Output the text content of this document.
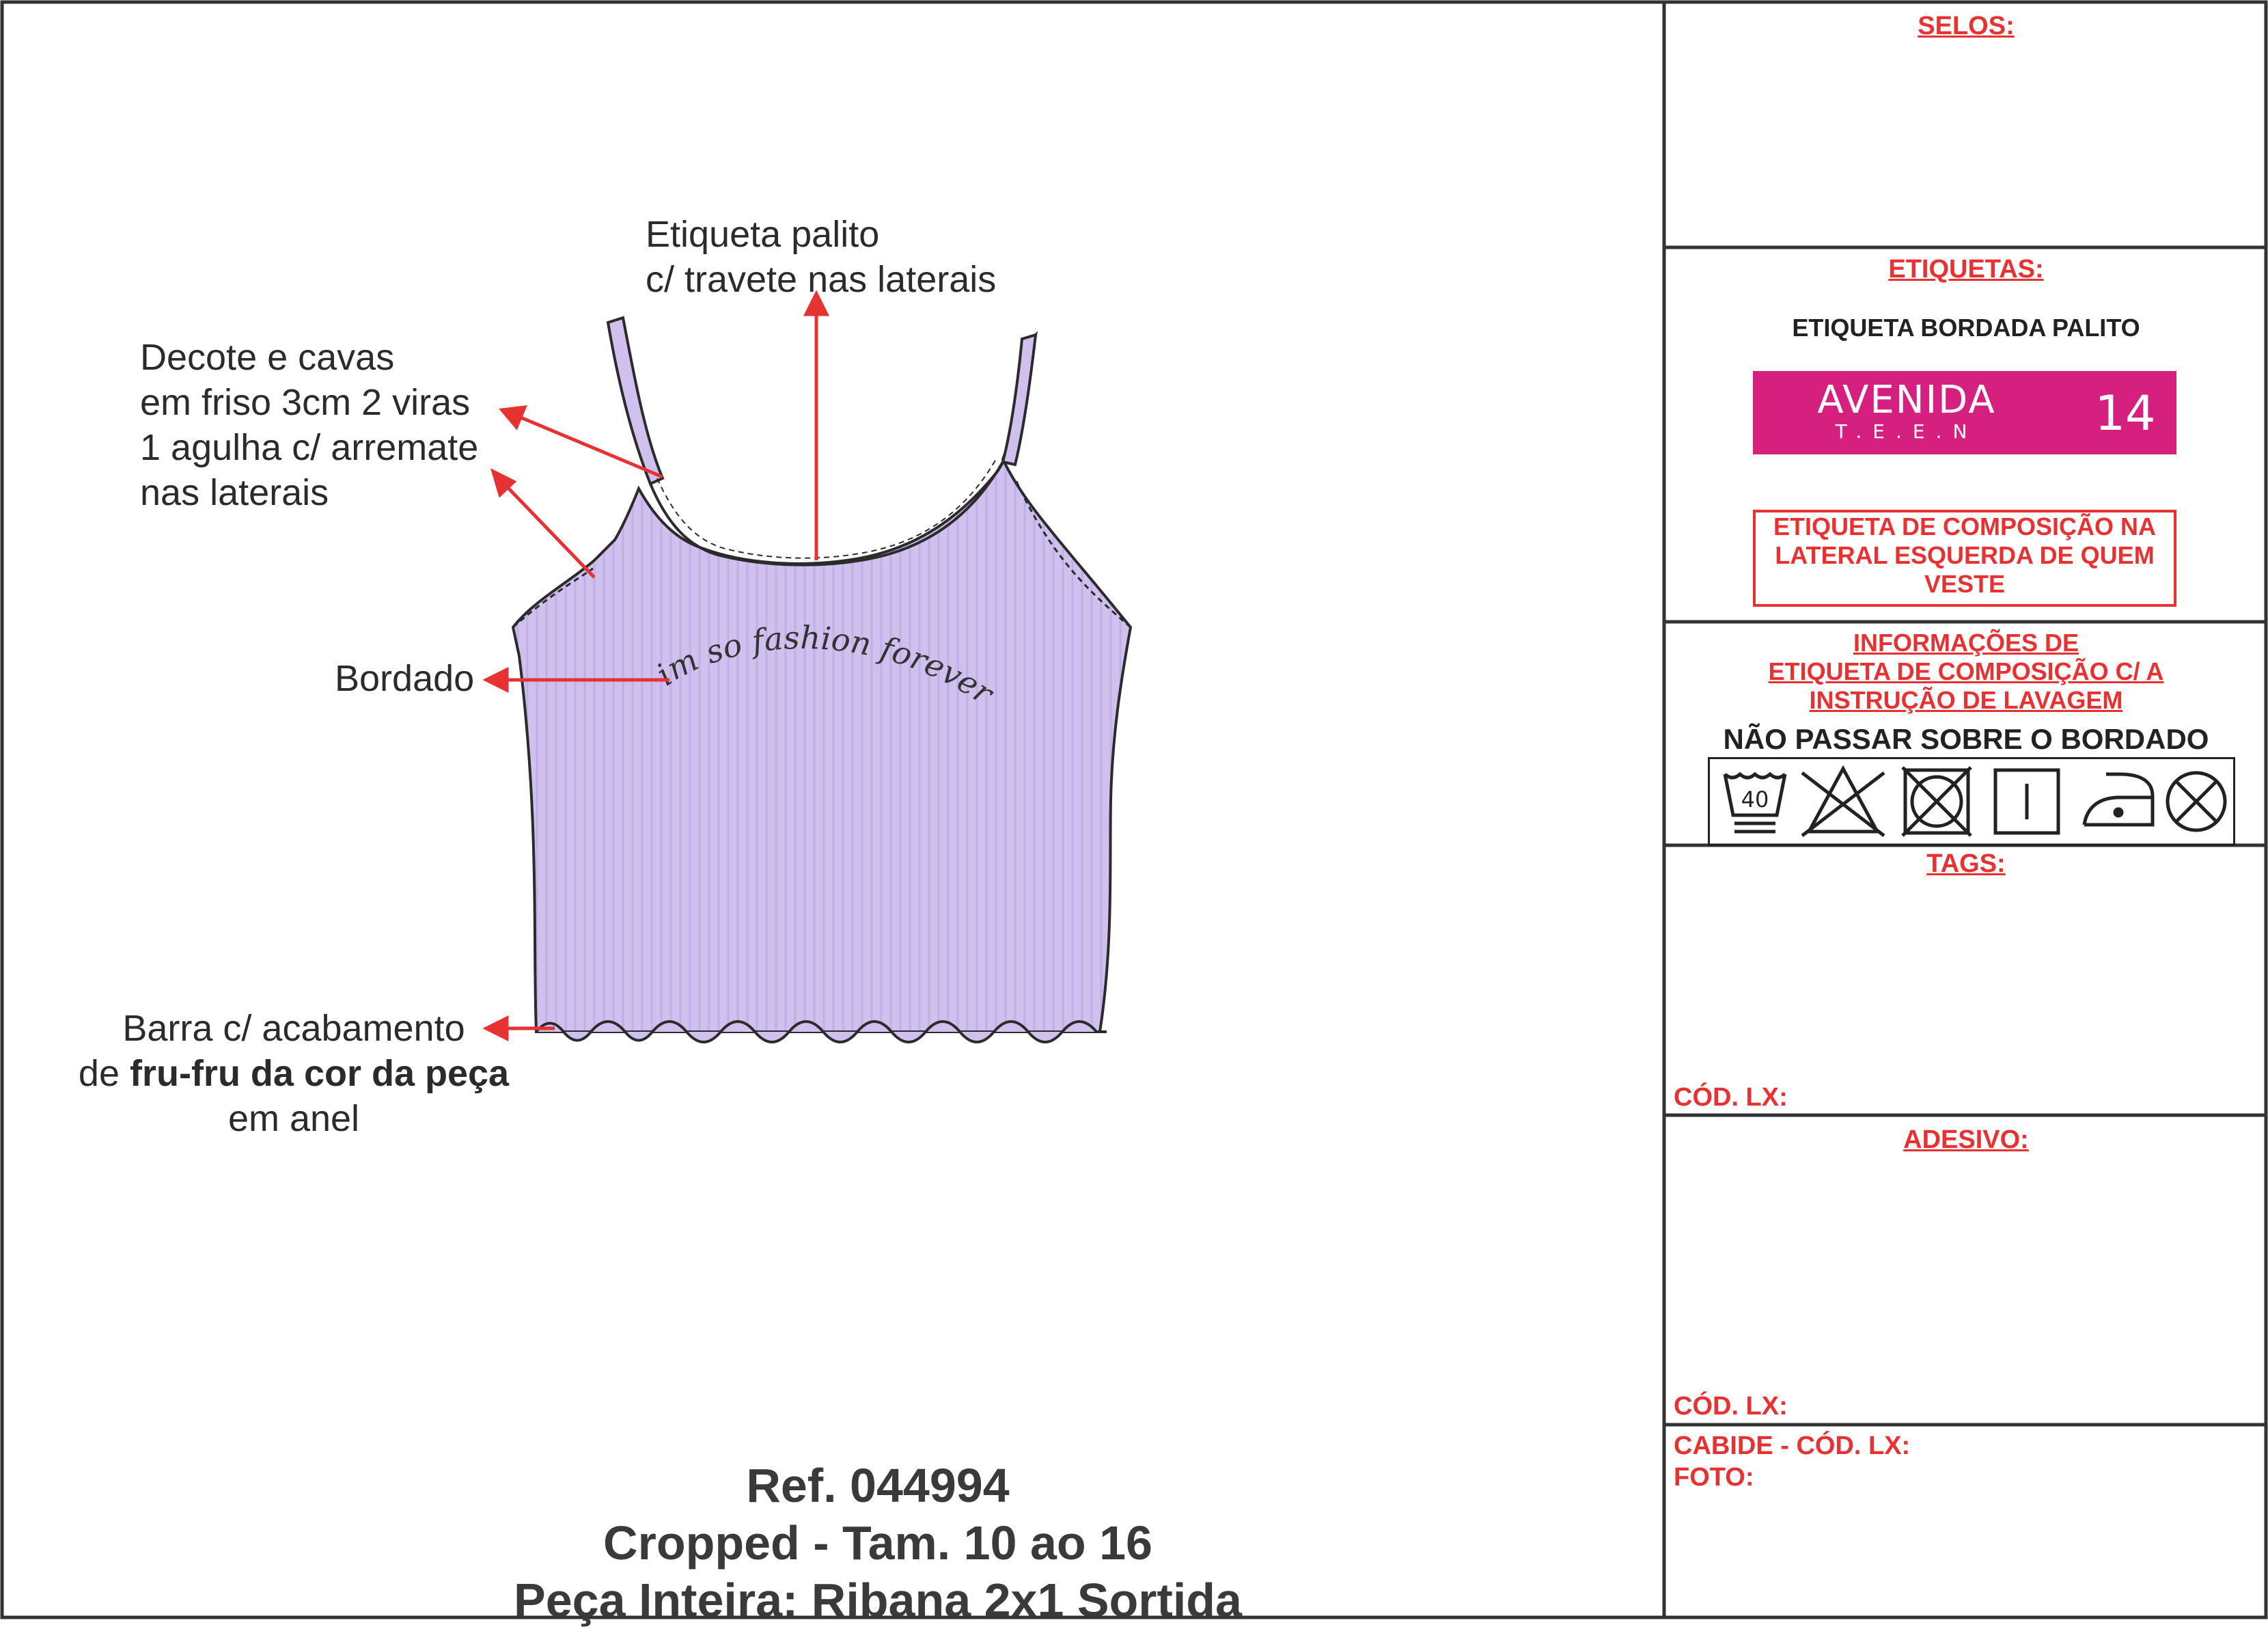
im so fashion forever
Etiqueta palito
c/ travete nas laterais
Decote e cavas
em friso 3cm 2 viras
1 agulha c/ arremate
nas laterais
Bordado
Barra c/ acabamento
de fru-fru da cor da peça
em anel
Ref. 044994
Cropped - Tam. 10 ao 16
Peça Inteira: Ribana 2x1 Sortida
SELOS:
ETIQUETAS:
ETIQUETA BORDADA PALITO
AVENIDA
T.E.E.N	14
ETIQUETA DE COMPOSIÇÃO NA
LATERAL ESQUERDA DE QUEM
VESTE
INFORMAÇÕES DE
ETIQUETA DE COMPOSIÇÃO C/ A
INSTRUÇÃO DE LAVAGEM
NÃO PASSAR SOBRE O BORDADO
40
TAGS:
CÓD. LX:
ADESIVO:
CÓD. LX:
CABIDE - CÓD. LX:
FOTO:
